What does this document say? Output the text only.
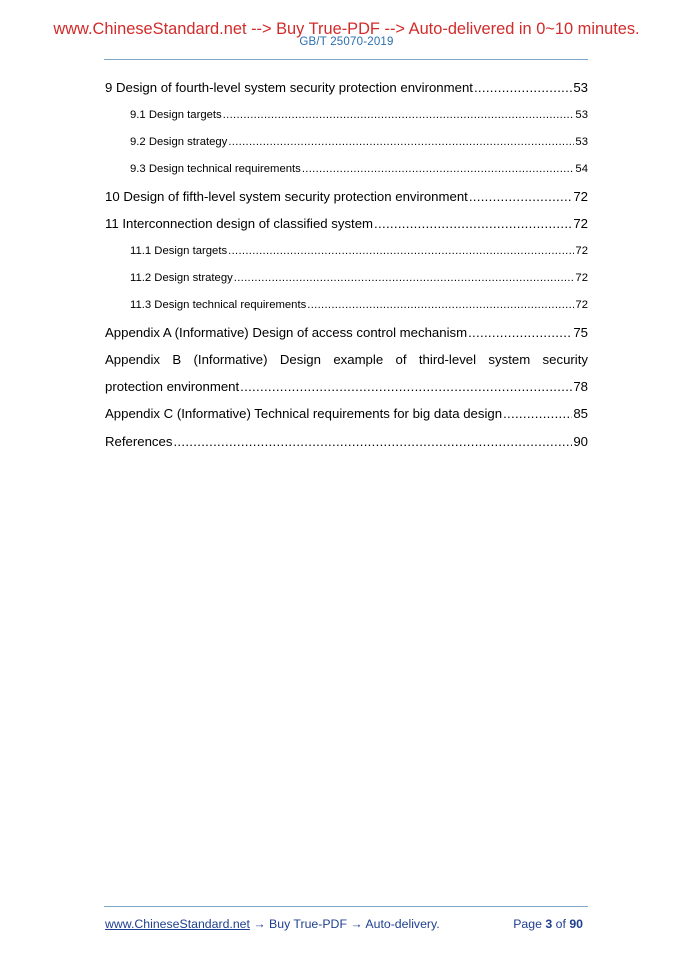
www.ChineseStandard.net --> Buy True-PDF --> Auto-delivered in 0~10 minutes.
GB/T 25070-2019
9 Design of fourth-level system security protection environment .....	53
9.1 Design targets .....	53
9.2 Design strategy .....	53
9.3 Design technical requirements .....	54
10 Design of fifth-level system security protection environment .....	72
11 Interconnection design of classified system .....	72
11.1 Design targets .....	72
11.2 Design strategy .....	72
11.3 Design technical requirements .....	72
Appendix A (Informative) Design of access control mechanism .....	75
Appendix B (Informative) Design example of third-level system security
protection environment .....	78
Appendix C (Informative) Technical requirements for big data design .....	85
References .....	90
www.ChineseStandard.net → Buy True-PDF → Auto-delivery.	Page 3 of 90
